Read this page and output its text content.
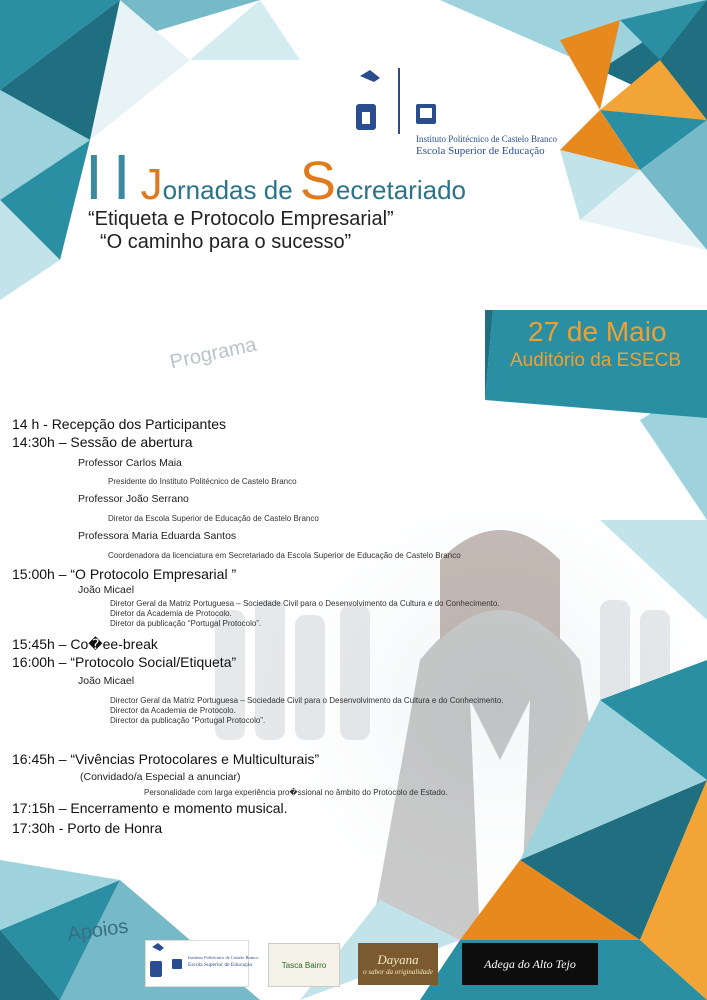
Instituto Politécnico de Castelo Branco
Escola Superior de Educação
IIJornadas de Secretariado
“Etiqueta e Protocolo Empresarial”
“O caminho para o sucesso”
27 de Maio
Auditório da ESECB
Programa
14 h - Recepção dos Participantes
14:30h – Sessão de abertura
Professor Carlos Maia
Presidente do Instituto Politécnico de Castelo Branco
Professor João Serrano
Diretor da Escola Superior de Educação de Castelo Branco
Professora Maria Eduarda Santos
Coordenadora da licenciatura em Secretariado da Escola Superior de Educação de Castelo Branco
15:00h – “O Protocolo Empresarial ”
João Micael
Diretor Geral da Matriz Portuguesa – Sociedade Civil para o Desenvolvimento da Cultura e do Conhecimento.
Diretor da Academia de Protocolo.
Diretor da publicação “Portugal Protocolo”.
15:45h – Co�ee-break
16:00h – “Protocolo Social/Etiqueta”
João Micael
Director Geral da Matriz Portuguesa – Sociedade Civil para o Desenvolvimento da Cultura e do Conhecimento.
Director da Academia de Protocolo.
Director da publicação “Portugal Protocolo”.
16:45h – “Vivências Protocolares e Multiculturais”
(Convidado/a Especial a anunciar)
Personalidade com larga experiência pro�ssional no âmbito do Protocolo de Estado.
17:15h – Encerramento e momento musical.
17:30h - Porto de Honra
Apoios
Instituto Politécnico de Castelo Branco
Escola Superior de Educação	Tasca Bairro	Dayana
o sabor da originalidade
Adega do Alto Tejo
